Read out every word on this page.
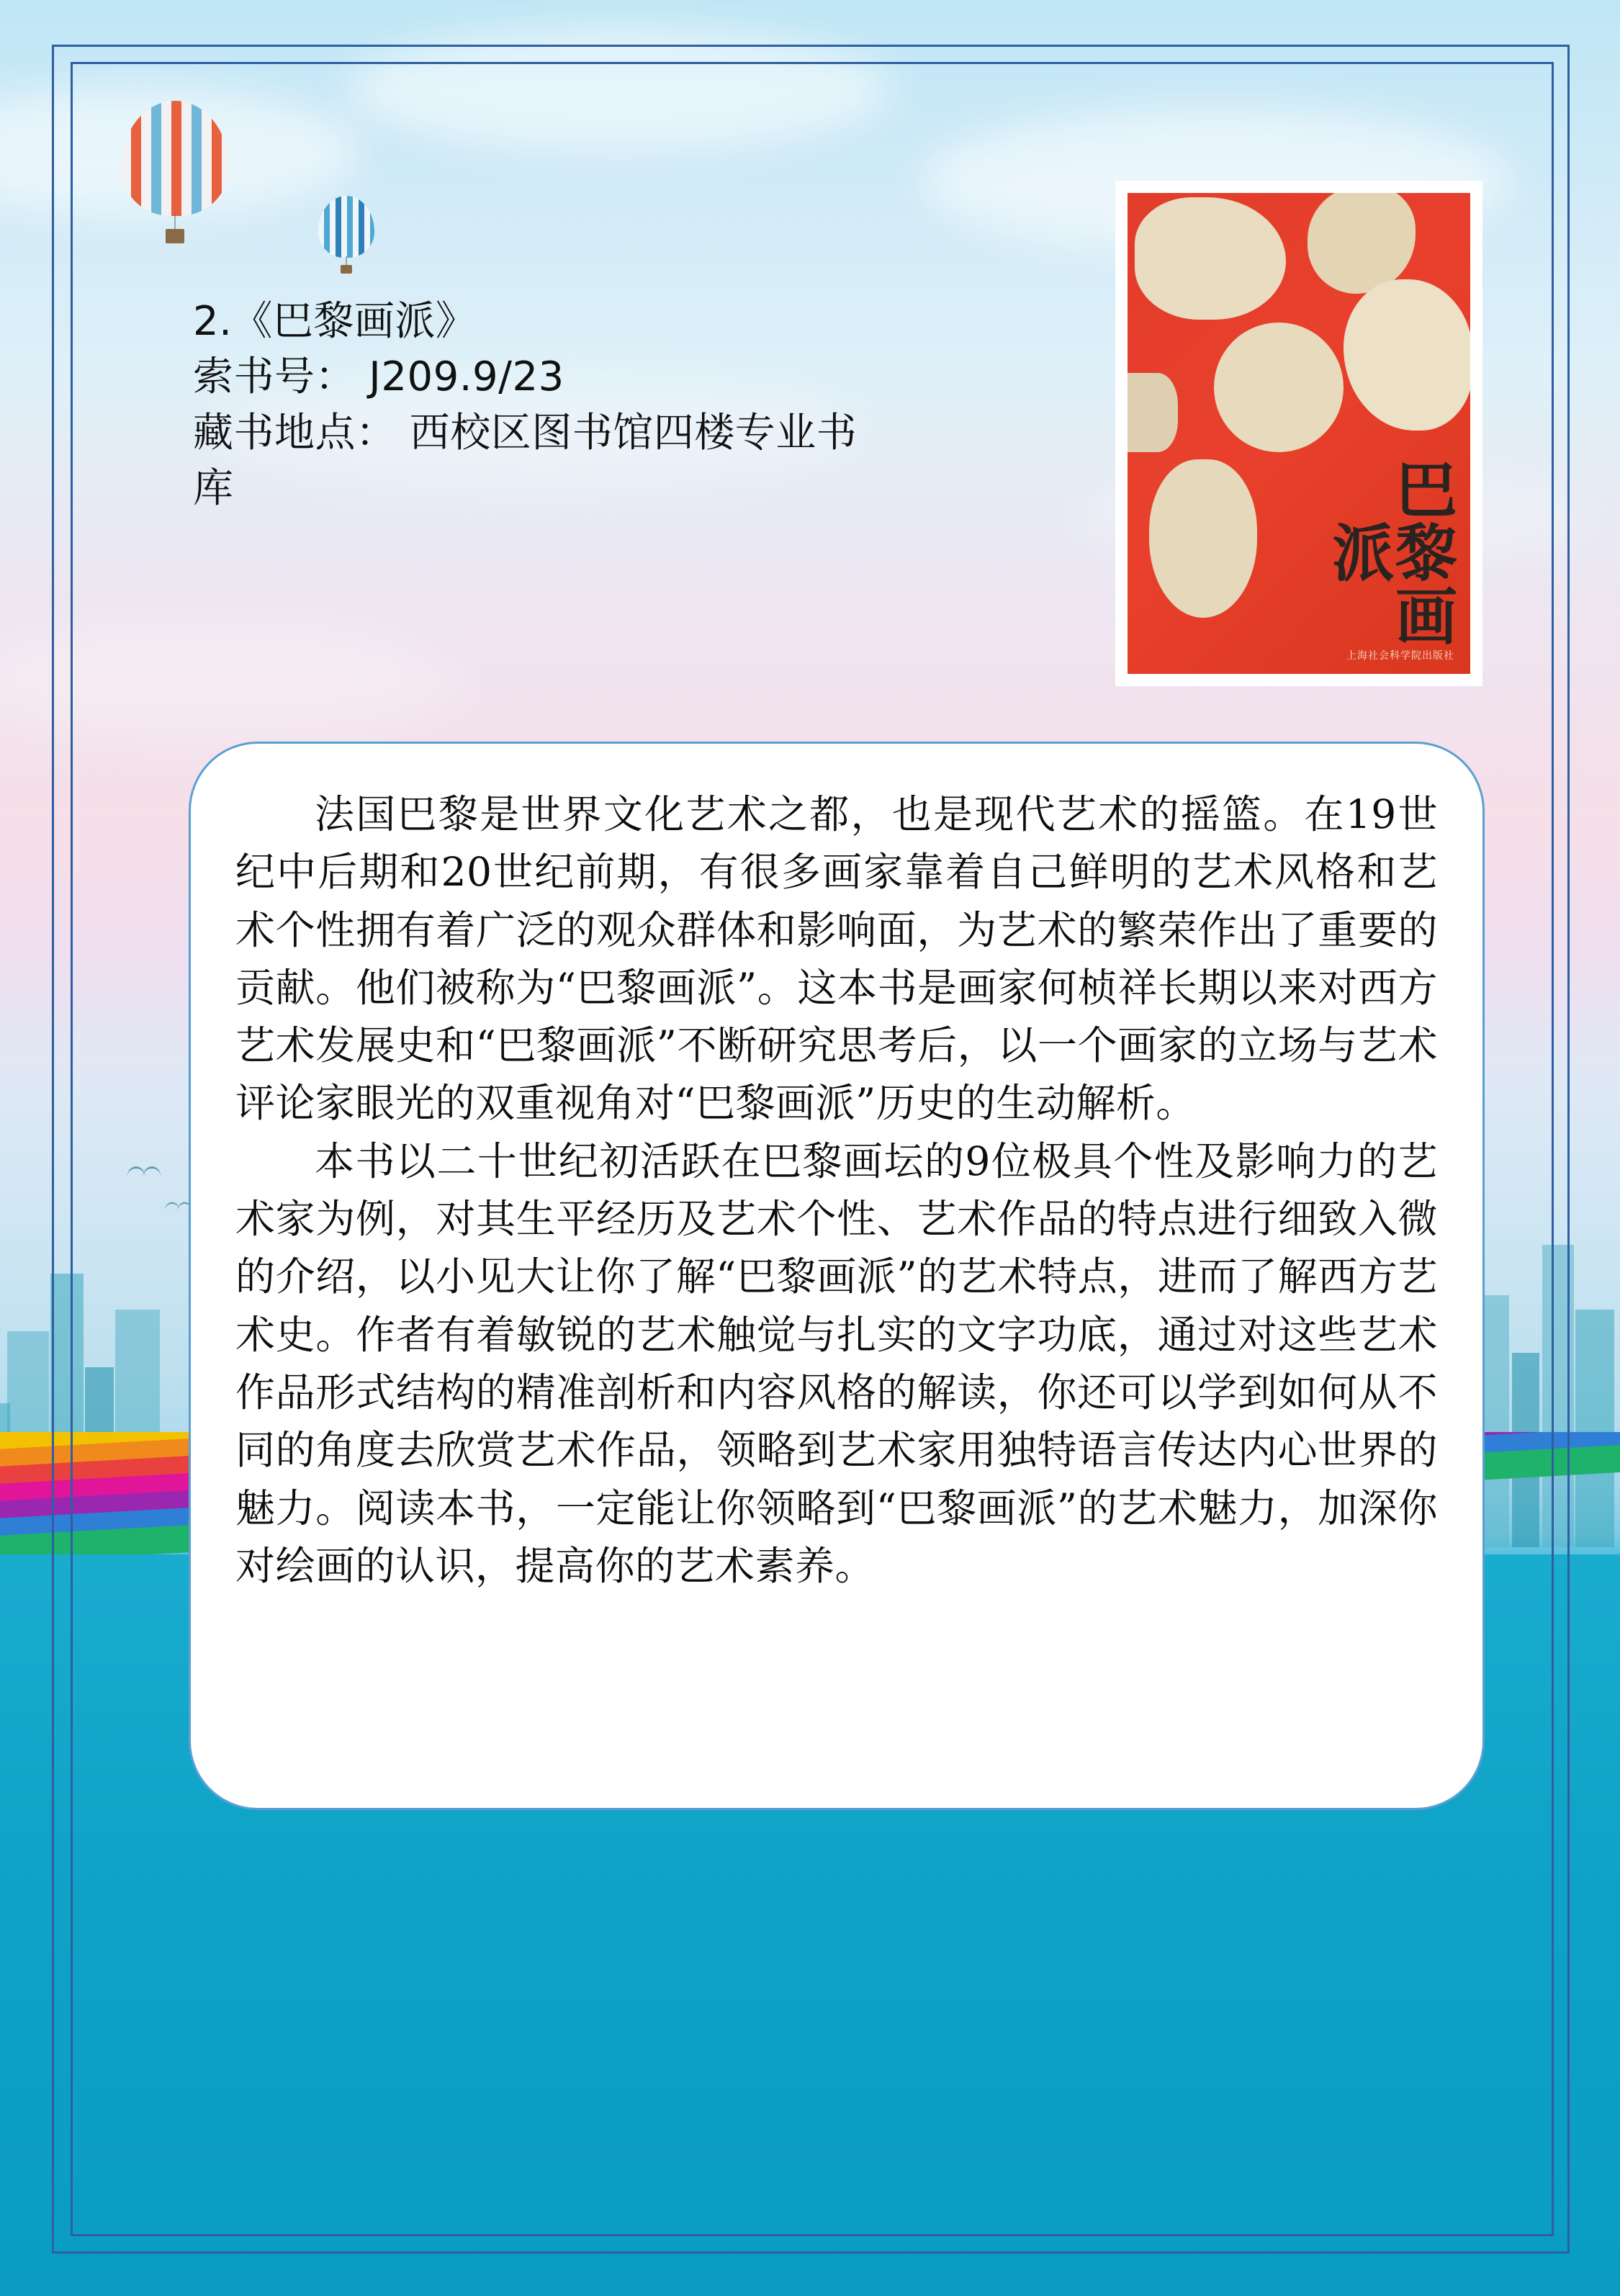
巴黎画派
上海社会科学院出版社
2.《巴黎画派》
索书号： J209.9/23
藏书地点： 西校区图书馆四楼专业书
库

法国巴黎是世界文化艺术之都，也是现代艺术的摇篮。在19世纪中后期和20世纪前期，有很多画家靠着自己鲜明的艺术风格和艺术个性拥有着广泛的观众群体和影响面，为艺术的繁荣作出了重要的贡献。他们被称为“巴黎画派”。这本书是画家何桢祥长期以来对西方艺术发展史和“巴黎画派”不断研究思考后，以一个画家的立场与艺术评论家眼光的双重视角对“巴黎画派”历史的生动解析。

本书以二十世纪初活跃在巴黎画坛的9位极具个性及影响力的艺术家为例，对其生平经历及艺术个性、艺术作品的特点进行细致入微的介绍，以小见大让你了解“巴黎画派”的艺术特点，进而了解西方艺术史。作者有着敏锐的艺术触觉与扎实的文字功底，通过对这些艺术作品形式结构的精准剖析和内容风格的解读，你还可以学到如何从不同的角度去欣赏艺术作品，领略到艺术家用独特语言传达内心世界的魅力。阅读本书，一定能让你领略到“巴黎画派”的艺术魅力，加深你对绘画的认识，提高你的艺术素养。
